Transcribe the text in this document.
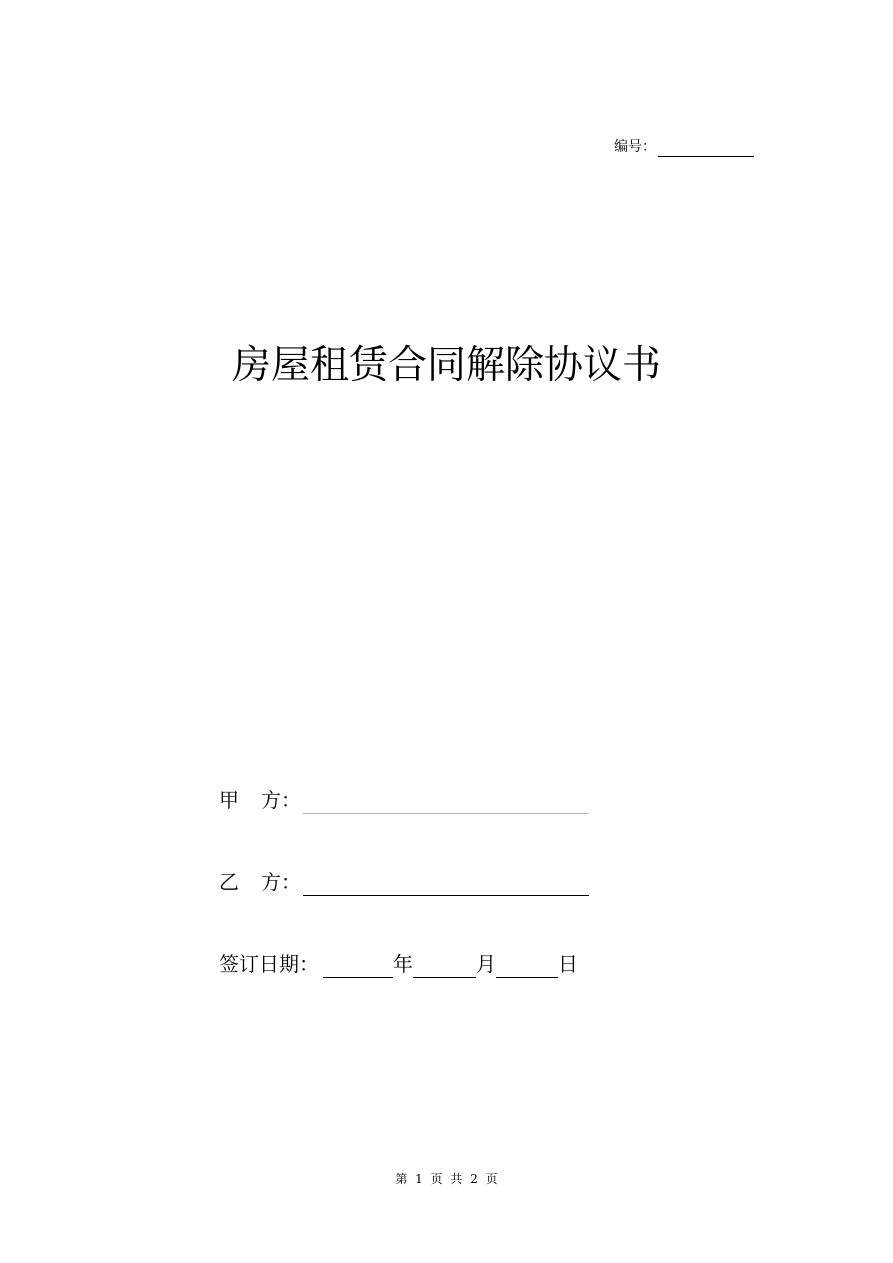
编号：
房屋租赁合同解除协议书
甲 方：
乙 方：
签订日期：	年	月	日
第 1 页 共 2 页
